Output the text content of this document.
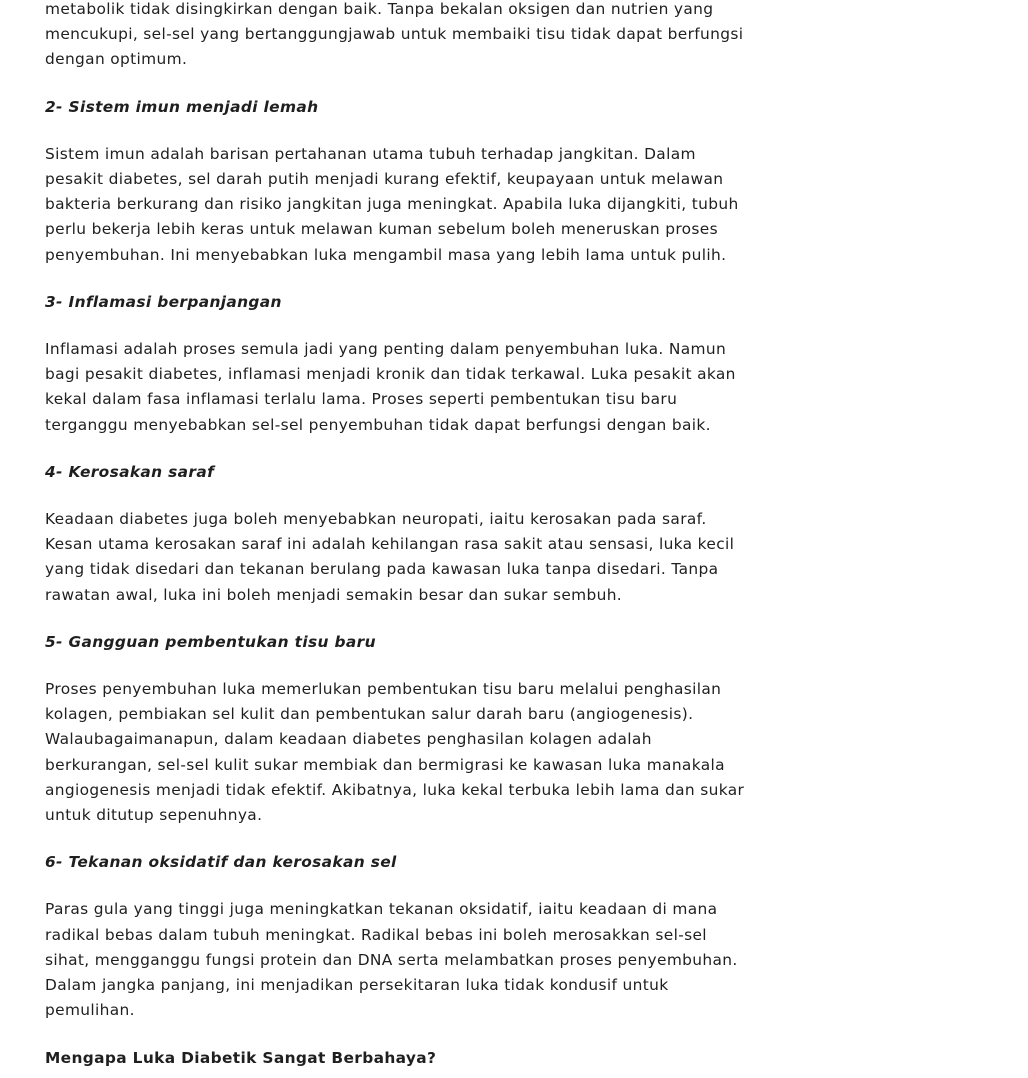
metabolik tidak disingkirkan dengan baik. Tanpa bekalan oksigen dan nutrien yang
mencukupi, sel-sel yang bertanggungjawab untuk membaiki tisu tidak dapat berfungsi
dengan optimum.

2- Sistem imun menjadi lemah

Sistem imun adalah barisan pertahanan utama tubuh terhadap jangkitan. Dalam
pesakit diabetes, sel darah putih menjadi kurang efektif, keupayaan untuk melawan
bakteria berkurang dan risiko jangkitan juga meningkat. Apabila luka dijangkiti, tubuh
perlu bekerja lebih keras untuk melawan kuman sebelum boleh meneruskan proses
penyembuhan. Ini menyebabkan luka mengambil masa yang lebih lama untuk pulih.

3- Inflamasi berpanjangan

Inflamasi adalah proses semula jadi yang penting dalam penyembuhan luka. Namun
bagi pesakit diabetes, inflamasi menjadi kronik dan tidak terkawal. Luka pesakit akan
kekal dalam fasa inflamasi terlalu lama. Proses seperti pembentukan tisu baru
terganggu menyebabkan sel-sel penyembuhan tidak dapat berfungsi dengan baik.

4- Kerosakan saraf

Keadaan diabetes juga boleh menyebabkan neuropati, iaitu kerosakan pada saraf.
Kesan utama kerosakan saraf ini adalah kehilangan rasa sakit atau sensasi, luka kecil
yang tidak disedari dan tekanan berulang pada kawasan luka tanpa disedari. Tanpa
rawatan awal, luka ini boleh menjadi semakin besar dan sukar sembuh.

5- Gangguan pembentukan tisu baru

Proses penyembuhan luka memerlukan pembentukan tisu baru melalui penghasilan
kolagen, pembiakan sel kulit dan pembentukan salur darah baru (angiogenesis).
Walaubagaimanapun, dalam keadaan diabetes penghasilan kolagen adalah
berkurangan, sel-sel kulit sukar membiak dan bermigrasi ke kawasan luka manakala
angiogenesis menjadi tidak efektif. Akibatnya, luka kekal terbuka lebih lama dan sukar
untuk ditutup sepenuhnya.

6- Tekanan oksidatif dan kerosakan sel

Paras gula yang tinggi juga meningkatkan tekanan oksidatif, iaitu keadaan di mana
radikal bebas dalam tubuh meningkat. Radikal bebas ini boleh merosakkan sel-sel
sihat, mengganggu fungsi protein dan DNA serta melambatkan proses penyembuhan.
Dalam jangka panjang, ini menjadikan persekitaran luka tidak kondusif untuk
pemulihan.

Mengapa Luka Diabetik Sangat Berbahaya?
